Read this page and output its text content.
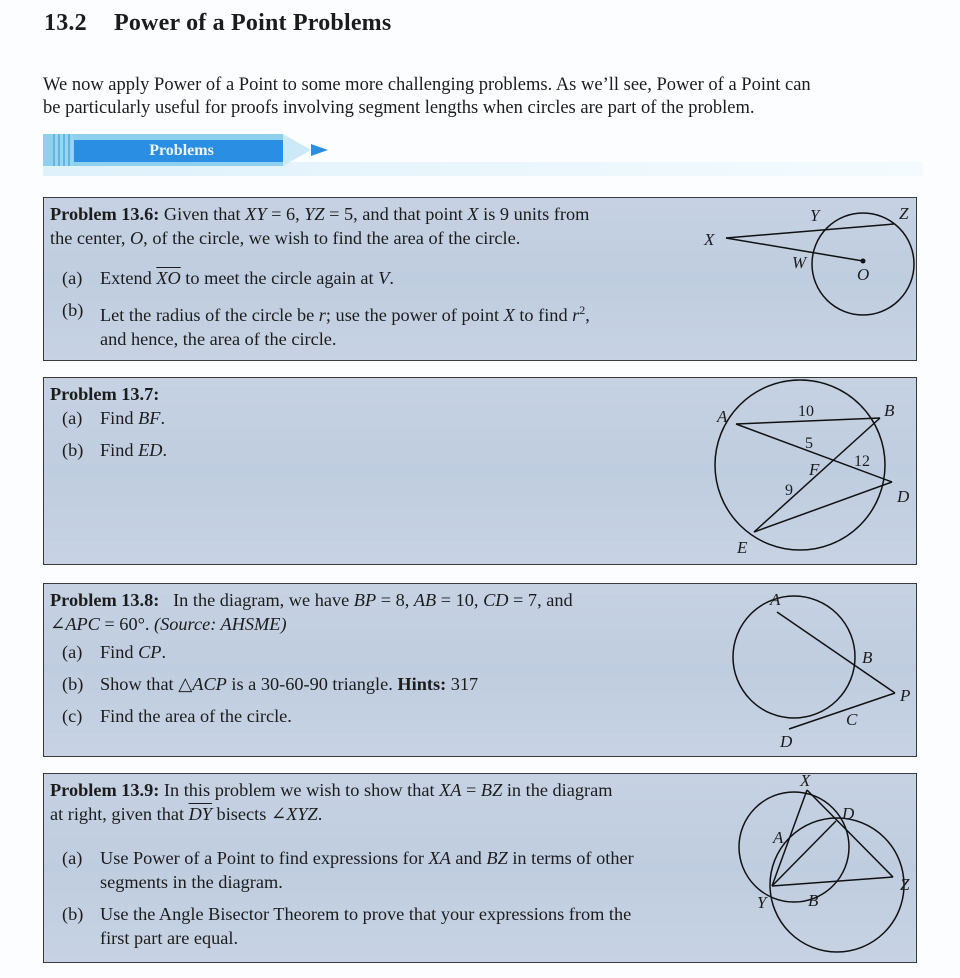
13.2 Power of a Point Problems
We now apply Power of a Point to some more challenging problems. As we’ll see, Power of a Point can
be particularly useful for proofs involving segment lengths when circles are part of the problem.
Problems
Problem 13.6: Given that XY = 6, YZ = 5, and that point X is 9 units from
the center, O, of the circle, we wish to find the area of the circle.
(a) Extend $\overline{XO}$ to meet the circle again at V.
(b) Let the radius of the circle be r; use the power of point X to find $r^2$,
and hence, the area of the circle.
X
Y	Z
W
O
Problem 13.7:
(a) Find BF.
(b) Find ED.
A	B
D
E
F
10
5
12
9
Problem 13.8: In the diagram, we have BP = 8, AB = 10, CD = 7, and
∠APC = 60°. (Source: AHSME)
(a) Find CP.
(b) Show that △ACP is a 30-60-90 triangle. Hints: 317
(c) Find the area of the circle.
A
B
C
D
P
Problem 13.9: In this problem we wish to show that XA = BZ in the diagram
at right, given that $\overline{DY}$ bisects ∠XYZ.
(a) Use Power of a Point to find expressions for XA and BZ in terms of other
segments in the diagram.
(b) Use the Angle Bisector Theorem to prove that your expressions from the
first part are equal.
X
D
A
Y B
Z
